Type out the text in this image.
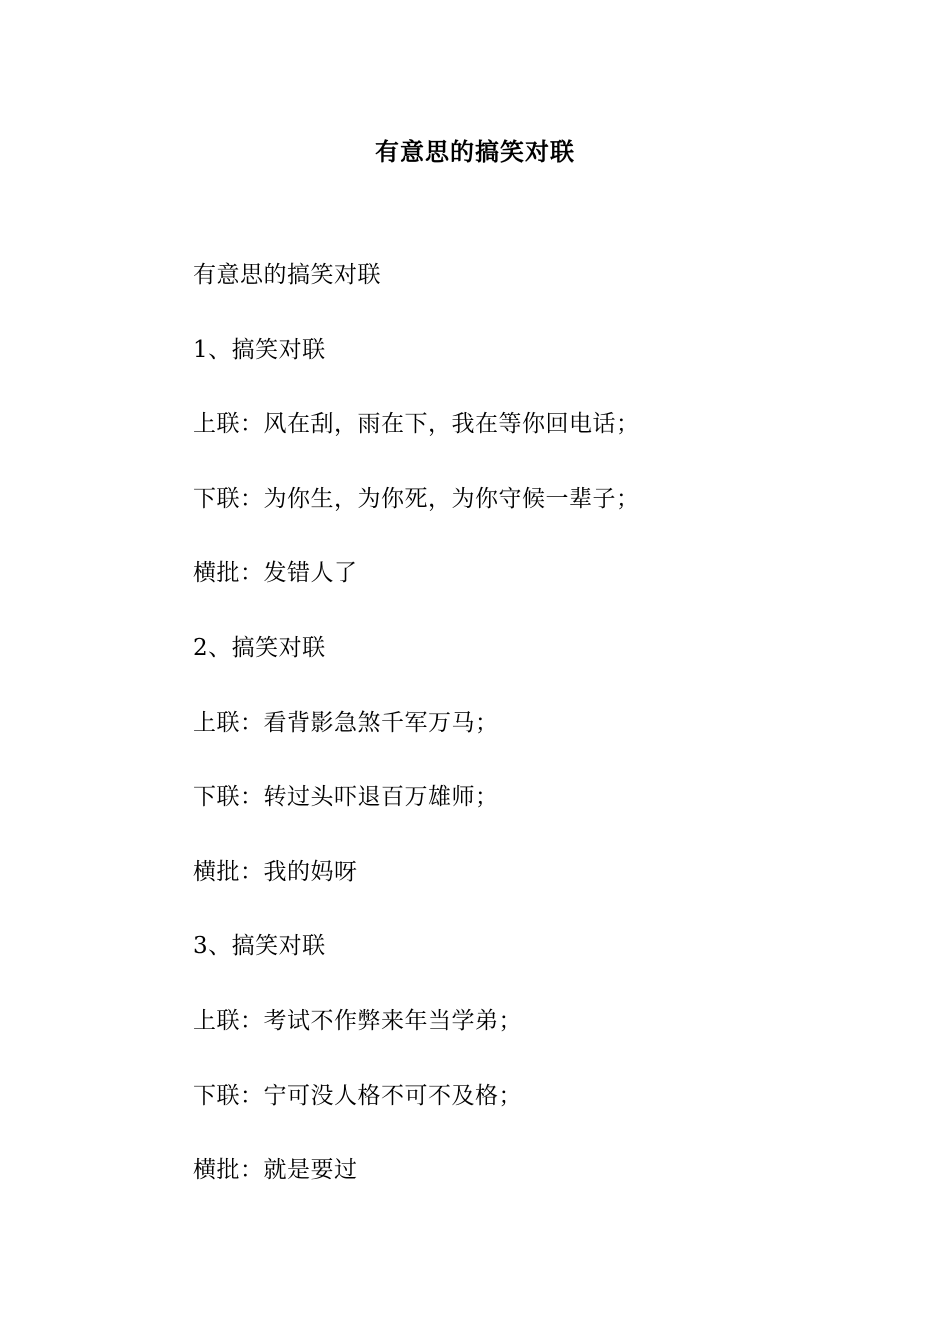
有意思的搞笑对联

有意思的搞笑对联

1、搞笑对联

上联：风在刮，雨在下，我在等你回电话；

下联：为你生，为你死，为你守候一辈子；

横批：发错人了

2、搞笑对联

上联：看背影急煞千军万马；

下联：转过头吓退百万雄师；

横批：我的妈呀

3、搞笑对联

上联：考试不作弊来年当学弟；

下联：宁可没人格不可不及格；

横批：就是要过
